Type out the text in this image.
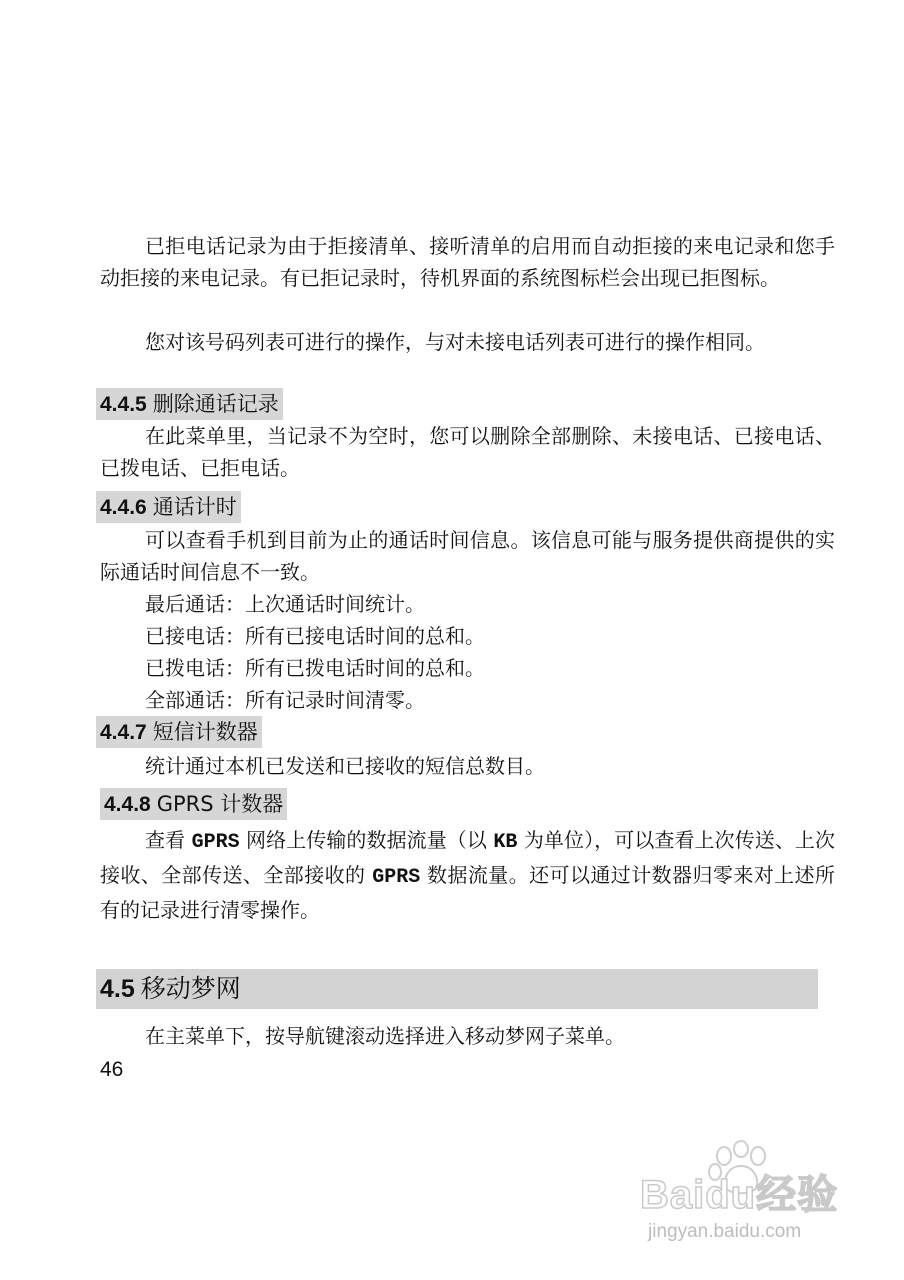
已拒电话记录为由于拒接清单、接听清单的启用而自动拒接的来电记录和您手动拒接的来电记录。有已拒记录时，待机界面的系统图标栏会出现已拒图标。

您对该号码列表可进行的操作，与对未接电话列表可进行的操作相同。

4.4.5 删除通话记录

在此菜单里，当记录不为空时，您可以删除全部删除、未接电话、已接电话、已拨电话、已拒电话。

4.4.6 通话计时

可以查看手机到目前为止的通话时间信息。该信息可能与服务提供商提供的实际通话时间信息不一致。

最后通话：上次通话时间统计。

已接电话：所有已接电话时间的总和。

已拨电话：所有已拨电话时间的总和。

全部通话：所有记录时间清零。

4.4.7 短信计数器

统计通过本机已发送和已接收的短信总数目。

4.4.8 GPRS 计数器

查看 GPRS 网络上传输的数据流量（以 KB 为单位），可以查看上次传送、上次接收、全部传送、全部接收的 GPRS 数据流量。还可以通过计数器归零来对上述所有的记录进行清零操作。

4.5 移动梦网

在主菜单下，按导航键滚动选择进入移动梦网子菜单。

46
Baidu经验
jingyan.baidu.com
